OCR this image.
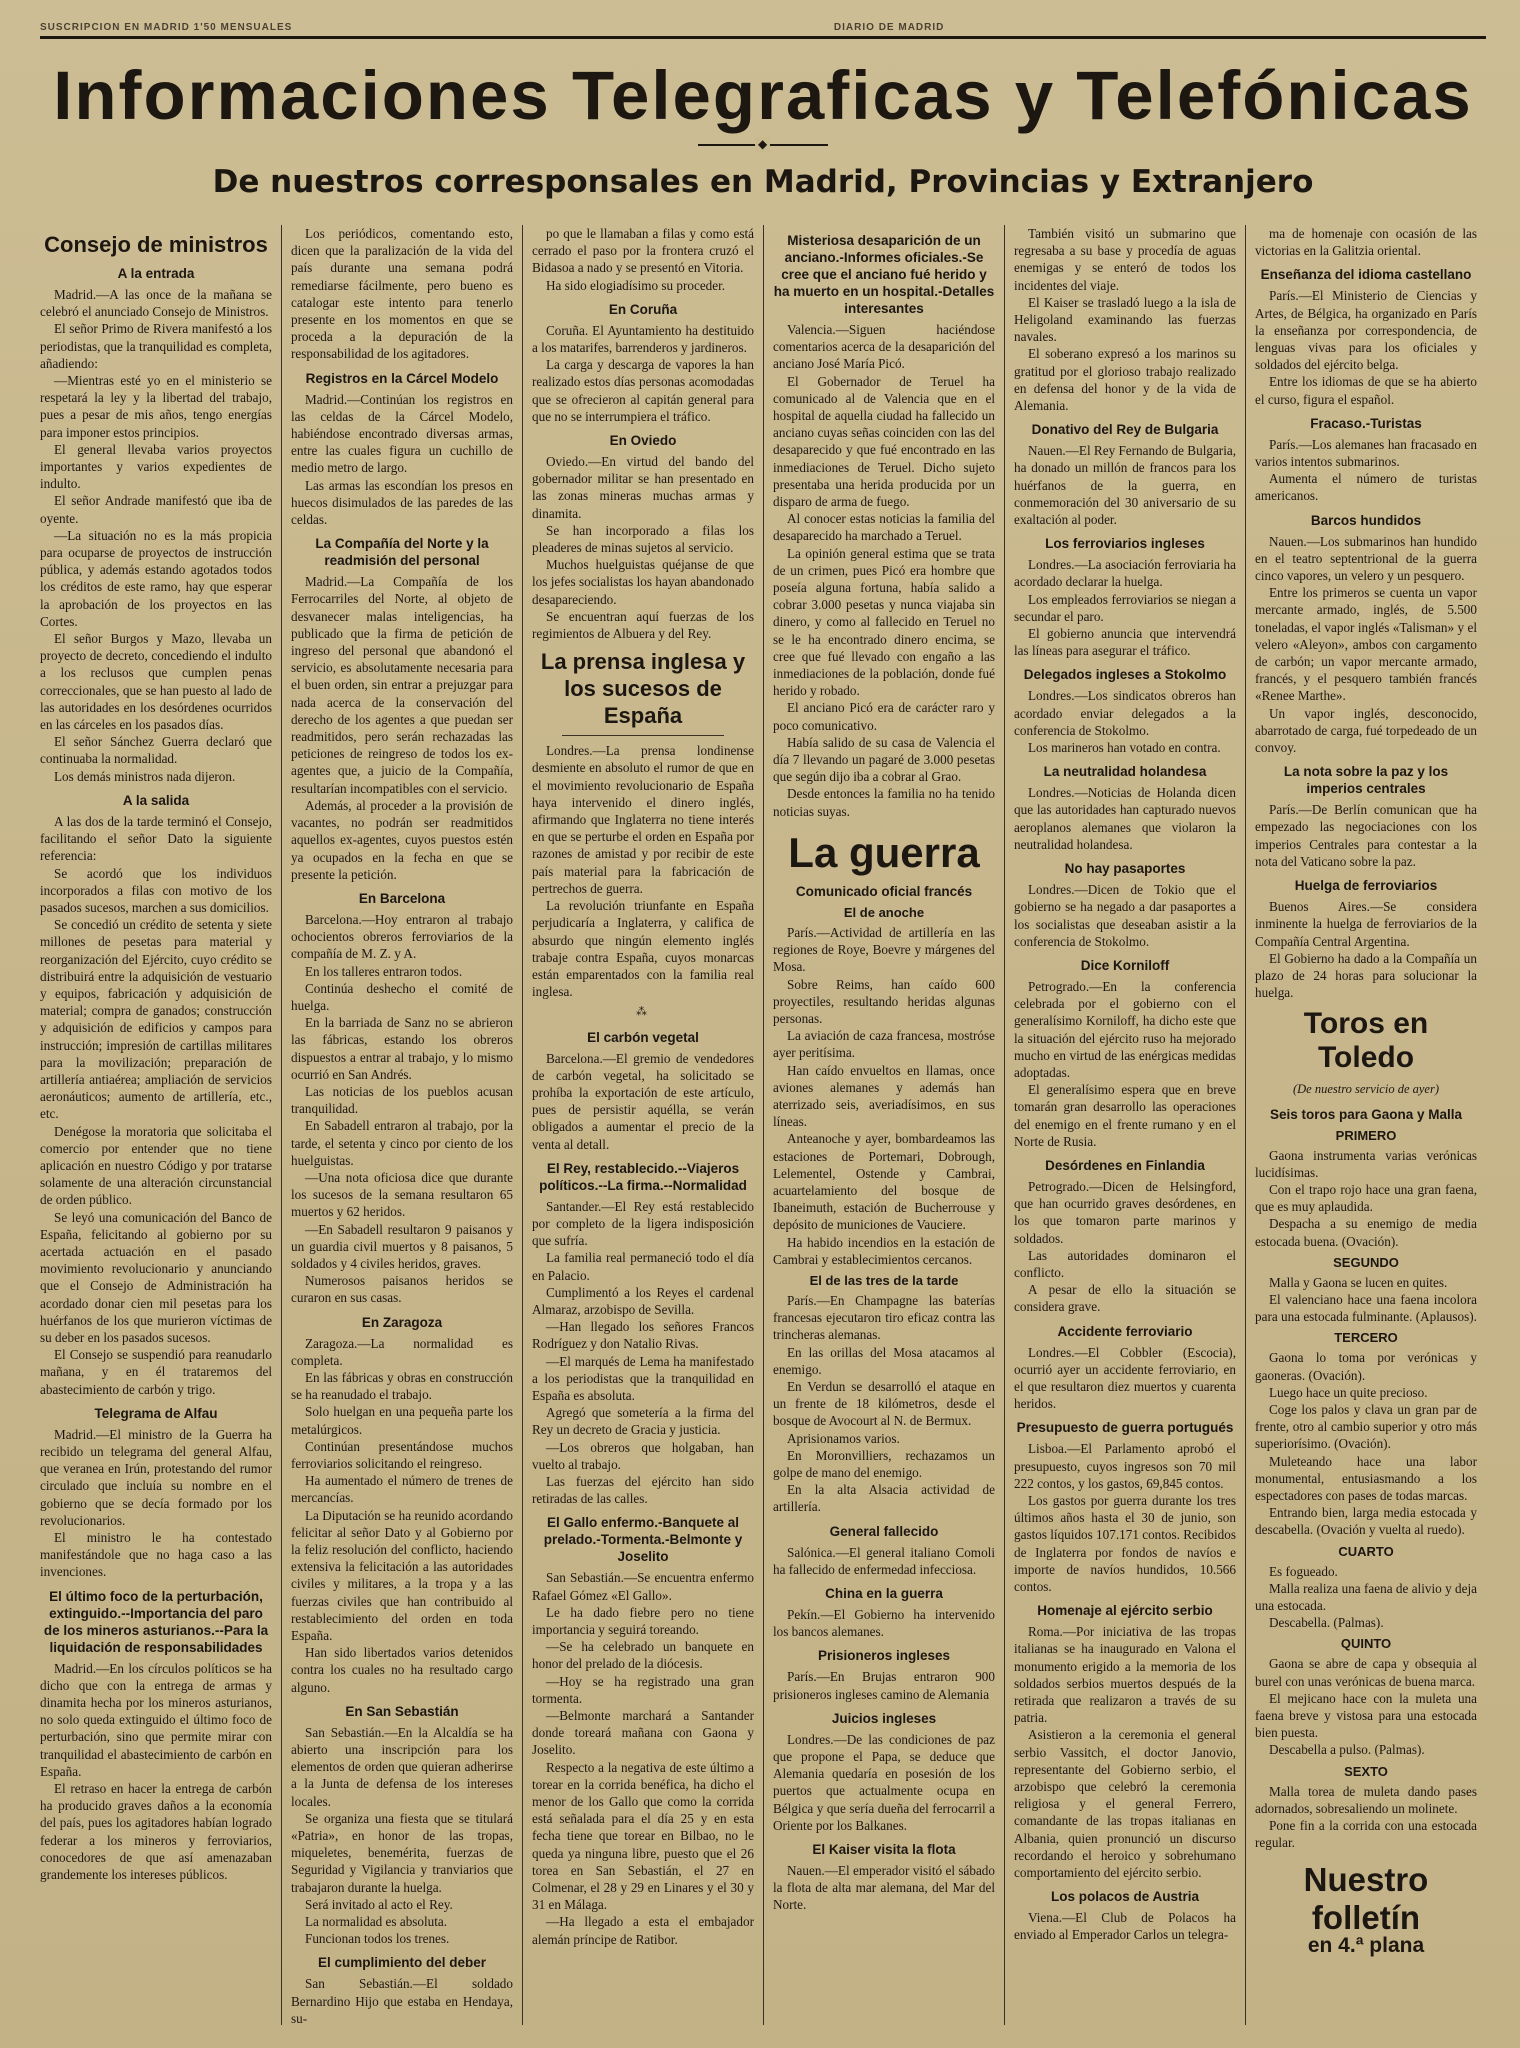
SUSCRIPCION EN MADRID 1'50 MENSUALES	DIARIO DE MADRID
Informaciones Telegraficas y Telefónicas
◆
De nuestros corresponsales en Madrid, Provincias y Extranjero
Consejo de ministros
A la entrada

Madrid.—A las once de la mañana se celebró el anunciado Consejo de Ministros.

El señor Primo de Rivera manifestó a los periodistas, que la tranquilidad es completa, añadiendo:

—Mientras esté yo en el ministerio se respetará la ley y la libertad del trabajo, pues a pesar de mis años, tengo energías para imponer estos principios.

El general llevaba varios proyectos importantes y varios expedientes de indulto.

El señor Andrade manifestó que iba de oyente.

—La situación no es la más propicia para ocuparse de proyectos de instrucción pública, y además estando agotados todos los créditos de este ramo, hay que esperar la aprobación de los proyectos en las Cortes.

El señor Burgos y Mazo, llevaba un proyecto de decreto, concediendo el indulto a los reclusos que cumplen penas correccionales, que se han puesto al lado de las autoridades en los desórdenes ocurridos en las cárceles en los pasados días.

El señor Sánchez Guerra declaró que continuaba la normalidad.

Los demás ministros nada dijeron.

A la salida

A las dos de la tarde terminó el Consejo, facilitando el señor Dato la siguiente referencia:

Se acordó que los individuos incorporados a filas con motivo de los pasados sucesos, marchen a sus domicilios.

Se concedió un crédito de setenta y siete millones de pesetas para material y reorganización del Ejército, cuyo crédito se distribuirá entre la adquisición de vestuario y equipos, fabricación y adquisición de material; compra de ganados; construcción y adquisición de edificios y campos para instrucción; impresión de cartillas militares para la movilización; preparación de artillería antiaérea; ampliación de servicios aeronáuticos; aumento de artillería, etc., etc.

Denégose la moratoria que solicitaba el comercio por entender que no tiene aplicación en nuestro Código y por tratarse solamente de una alteración circunstancial de orden público.

Se leyó una comunicación del Banco de España, felicitando al gobierno por su acertada actuación en el pasado movimiento revolucionario y anunciando que el Consejo de Administración ha acordado donar cien mil pesetas para los huérfanos de los que murieron víctimas de su deber en los pasados sucesos.

El Consejo se suspendió para reanudarlo mañana, y en él trataremos del abastecimiento de carbón y trigo.

Telegrama de Alfau

Madrid.—El ministro de la Guerra ha recibido un telegrama del general Alfau, que veranea en Irún, protestando del rumor circulado que incluía su nombre en el gobierno que se decía formado por los revolucionarios.

El ministro le ha contestado manifestándole que no haga caso a las invenciones.

El último foco de la perturbación, extinguido.--Importancia del paro de los mineros asturianos.--Para la liquidación de responsabilidades

Madrid.—En los círculos políticos se ha dicho que con la entrega de armas y dinamita hecha por los mineros asturianos, no solo queda extinguido el último foco de perturbación, sino que permite mirar con tranquilidad el abastecimiento de carbón en España.

El retraso en hacer la entrega de carbón ha producido graves daños a la economía del país, pues los agitadores habían logrado federar a los mineros y ferroviarios, conocedores de que así amenazaban grandemente los intereses públicos.

Los periódicos, comentando esto, dicen que la paralización de la vida del país durante una semana podrá remediarse fácilmente, pero bueno es catalogar este intento para tenerlo presente en los momentos en que se proceda a la depuración de la responsabilidad de los agitadores.

Registros en la Cárcel Modelo

Madrid.—Continúan los registros en las celdas de la Cárcel Modelo, habiéndose encontrado diversas armas, entre las cuales figura un cuchillo de medio metro de largo.

Las armas las escondían los presos en huecos disimulados de las paredes de las celdas.

La Compañía del Norte y la readmisión del personal

Madrid.—La Compañía de los Ferrocarriles del Norte, al objeto de desvanecer malas inteligencias, ha publicado que la firma de petición de ingreso del personal que abandonó el servicio, es absolutamente necesaria para el buen orden, sin entrar a prejuzgar para nada acerca de la conservación del derecho de los agentes a que puedan ser readmitidos, pero serán rechazadas las peticiones de reingreso de todos los ex-agentes que, a juicio de la Compañía, resultarían incompatibles con el servicio.

Además, al proceder a la provisión de vacantes, no podrán ser readmitidos aquellos ex-agentes, cuyos puestos estén ya ocupados en la fecha en que se presente la petición.

En Barcelona

Barcelona.—Hoy entraron al trabajo ochocientos obreros ferroviarios de la compañía de M. Z. y A.

En los talleres entraron todos.

Continúa deshecho el comité de huelga.

En la barriada de Sanz no se abrieron las fábricas, estando los obreros dispuestos a entrar al trabajo, y lo mismo ocurrió en San Andrés.

Las noticias de los pueblos acusan tranquilidad.

En Sabadell entraron al trabajo, por la tarde, el setenta y cinco por ciento de los huelguistas.

—Una nota oficiosa dice que durante los sucesos de la semana resultaron 65 muertos y 62 heridos.

—En Sabadell resultaron 9 paisanos y un guardia civil muertos y 8 paisanos, 5 soldados y 4 civiles heridos, graves.

Numerosos paisanos heridos se curaron en sus casas.

En Zaragoza

Zaragoza.—La normalidad es completa.

En las fábricas y obras en construcción se ha reanudado el trabajo.

Solo huelgan en una pequeña parte los metalúrgicos.

Continúan presentándose muchos ferroviarios solicitando el reingreso.

Ha aumentado el número de trenes de mercancías.

La Diputación se ha reunido acordando felicitar al señor Dato y al Gobierno por la feliz resolución del conflicto, haciendo extensiva la felicitación a las autoridades civiles y militares, a la tropa y a las fuerzas civiles que han contribuido al restablecimiento del orden en toda España.

Han sido libertados varios detenidos contra los cuales no ha resultado cargo alguno.

En San Sebastián

San Sebastián.—En la Alcaldía se ha abierto una inscripción para los elementos de orden que quieran adherirse a la Junta de defensa de los intereses locales.

Se organiza una fiesta que se titulará «Patria», en honor de las tropas, miqueletes, benemérita, fuerzas de Seguridad y Vigilancia y tranviarios que trabajaron durante la huelga.

Será invitado al acto el Rey.

La normalidad es absoluta.

Funcionan todos los trenes.

El cumplimiento del deber

San Sebastián.—El soldado Bernardino Hijo que estaba en Hendaya, su-

po que le llamaban a filas y como está cerrado el paso por la frontera cruzó el Bidasoa a nado y se presentó en Vitoria.

Ha sido elogiadísimo su proceder.

En Coruña

Coruña. El Ayuntamiento ha destituido a los matarifes, barrenderos y jardineros.

La carga y descarga de vapores la han realizado estos días personas acomodadas que se ofrecieron al capitán general para que no se interrumpiera el tráfico.

En Oviedo

Oviedo.—En virtud del bando del gobernador militar se han presentado en las zonas mineras muchas armas y dinamita.

Se han incorporado a filas los pleaderes de minas sujetos al servicio.

Muchos huelguistas quéjanse de que los jefes socialistas los hayan abandonado desapareciendo.

Se encuentran aquí fuerzas de los regimientos de Albuera y del Rey.

La prensa inglesa y los sucesos de España

Londres.—La prensa londinense desmiente en absoluto el rumor de que en el movimiento revolucionario de España haya intervenido el dinero inglés, afirmando que Inglaterra no tiene interés en que se perturbe el orden en España por razones de amistad y por recibir de este país material para la fabricación de pertrechos de guerra.

La revolución triunfante en España perjudicaría a Inglaterra, y califica de absurdo que ningún elemento inglés trabaje contra España, cuyos monarcas están emparentados con la familia real inglesa.

⁂
El carbón vegetal

Barcelona.—El gremio de vendedores de carbón vegetal, ha solicitado se prohíba la exportación de este artículo, pues de persistir aquélla, se verán obligados a aumentar el precio de la venta al detall.

El Rey, restablecido.--Viajeros políticos.--La firma.--Normalidad

Santander.—El Rey está restablecido por completo de la ligera indisposición que sufría.

La familia real permaneció todo el día en Palacio.

Cumplimentó a los Reyes el cardenal Almaraz, arzobispo de Sevilla.

—Han llegado los señores Francos Rodríguez y don Natalio Rivas.

—El marqués de Lema ha manifestado a los periodistas que la tranquilidad en España es absoluta.

Agregó que sometería a la firma del Rey un decreto de Gracia y justicia.

—Los obreros que holgaban, han vuelto al trabajo.

Las fuerzas del ejército han sido retiradas de las calles.

El Gallo enfermo.-Banquete al prelado.-Tormenta.-Belmonte y Joselito

San Sebastián.—Se encuentra enfermo Rafael Gómez «El Gallo».

Le ha dado fiebre pero no tiene importancia y seguirá toreando.

—Se ha celebrado un banquete en honor del prelado de la diócesis.

—Hoy se ha registrado una gran tormenta.

—Belmonte marchará a Santander donde toreará mañana con Gaona y Joselito.

Respecto a la negativa de este último a torear en la corrida benéfica, ha dicho el menor de los Gallo que como la corrida está señalada para el día 25 y en esta fecha tiene que torear en Bilbao, no le queda ya ninguna libre, puesto que el 26 torea en San Sebastián, el 27 en Colmenar, el 28 y 29 en Linares y el 30 y 31 en Málaga.

—Ha llegado a esta el embajador alemán príncipe de Ratibor.

Misteriosa desaparición de un anciano.-Informes oficiales.-Se cree que el anciano fué herido y ha muerto en un hospital.-Detalles interesantes

Valencia.—Siguen haciéndose comentarios acerca de la desaparición del anciano José María Picó.

El Gobernador de Teruel ha comunicado al de Valencia que en el hospital de aquella ciudad ha fallecido un anciano cuyas señas coinciden con las del desaparecido y que fué encontrado en las inmediaciones de Teruel. Dicho sujeto presentaba una herida producida por un disparo de arma de fuego.

Al conocer estas noticias la familia del desaparecido ha marchado a Teruel.

La opinión general estima que se trata de un crimen, pues Picó era hombre que poseía alguna fortuna, había salido a cobrar 3.000 pesetas y nunca viajaba sin dinero, y como al fallecido en Teruel no se le ha encontrado dinero encima, se cree que fué llevado con engaño a las inmediaciones de la población, donde fué herido y robado.

El anciano Picó era de carácter raro y poco comunicativo.

Había salido de su casa de Valencia el día 7 llevando un pagaré de 3.000 pesetas que según dijo iba a cobrar al Grao.

Desde entonces la familia no ha tenido noticias suyas.

La guerra
Comunicado oficial francés
El de anoche

París.—Actividad de artillería en las regiones de Roye, Boevre y márgenes del Mosa.

Sobre Reims, han caído 600 proyectiles, resultando heridas algunas personas.

La aviación de caza francesa, mostróse ayer peritísima.

Han caído envueltos en llamas, once aviones alemanes y además han aterrizado seis, averiadísimos, en sus líneas.

Anteanoche y ayer, bombardeamos las estaciones de Portemari, Dobrough, Lelementel, Ostende y Cambrai, acuartelamiento del bosque de Ibaneimuth, estación de Bucherrouse y depósito de municiones de Vauciere.

Ha habido incendios en la estación de Cambrai y establecimientos cercanos.

El de las tres de la tarde

París.—En Champagne las baterías francesas ejecutaron tiro eficaz contra las trincheras alemanas.

En las orillas del Mosa atacamos al enemigo.

En Verdun se desarrolló el ataque en un frente de 18 kilómetros, desde el bosque de Avocourt al N. de Bermux.

Aprisionamos varios.

En Moronvilliers, rechazamos un golpe de mano del enemigo.

En la alta Alsacia actividad de artillería.

General fallecido

Salónica.—El general italiano Comoli ha fallecido de enfermedad infecciosa.

China en la guerra

Pekín.—El Gobierno ha intervenido los bancos alemanes.

Prisioneros ingleses

París.—En Brujas entraron 900 prisioneros ingleses camino de Alemania

Juicios ingleses

Londres.—De las condiciones de paz que propone el Papa, se deduce que Alemania quedaría en posesión de los puertos que actualmente ocupa en Bélgica y que sería dueña del ferrocarril a Oriente por los Balkanes.

El Kaiser visita la flota

Nauen.—El emperador visitó el sábado la flota de alta mar alemana, del Mar del Norte.

También visitó un submarino que regresaba a su base y procedía de aguas enemigas y se enteró de todos los incidentes del viaje.

El Kaiser se trasladó luego a la isla de Heligoland examinando las fuerzas navales.

El soberano expresó a los marinos su gratitud por el glorioso trabajo realizado en defensa del honor y de la vida de Alemania.

Donativo del Rey de Bulgaria

Nauen.—El Rey Fernando de Bulgaria, ha donado un millón de francos para los huérfanos de la guerra, en conmemoración del 30 aniversario de su exaltación al poder.

Los ferroviarios ingleses

Londres.—La asociación ferroviaria ha acordado declarar la huelga.

Los empleados ferroviarios se niegan a secundar el paro.

El gobierno anuncia que intervendrá las líneas para asegurar el tráfico.

Delegados ingleses a Stokolmo

Londres.—Los sindicatos obreros han acordado enviar delegados a la conferencia de Stokolmo.

Los marineros han votado en contra.

La neutralidad holandesa

Londres.—Noticias de Holanda dicen que las autoridades han capturado nuevos aeroplanos alemanes que violaron la neutralidad holandesa.

No hay pasaportes

Londres.—Dicen de Tokio que el gobierno se ha negado a dar pasaportes a los socialistas que deseaban asistir a la conferencia de Stokolmo.

Dice Korniloff

Petrogrado.—En la conferencia celebrada por el gobierno con el generalísimo Korniloff, ha dicho este que la situación del ejército ruso ha mejorado mucho en virtud de las enérgicas medidas adoptadas.

El generalísimo espera que en breve tomarán gran desarrollo las operaciones del enemigo en el frente rumano y en el Norte de Rusia.

Desórdenes en Finlandia

Petrogrado.—Dicen de Helsingford, que han ocurrido graves desórdenes, en los que tomaron parte marinos y soldados.

Las autoridades dominaron el conflicto.

A pesar de ello la situación se considera grave.

Accidente ferroviario

Londres.—El Cobbler (Escocia), ocurrió ayer un accidente ferroviario, en el que resultaron diez muertos y cuarenta heridos.

Presupuesto de guerra portugués

Lisboa.—El Parlamento aprobó el presupuesto, cuyos ingresos son 70 mil 222 contos, y los gastos, 69,845 contos.

Los gastos por guerra durante los tres últimos años hasta el 30 de junio, son gastos líquidos 107.171 contos. Recibidos de Inglaterra por fondos de navíos e importe de navíos hundidos, 10.566 contos.

Homenaje al ejército serbio

Roma.—Por iniciativa de las tropas italianas se ha inaugurado en Valona el monumento erigido a la memoria de los soldados serbios muertos después de la retirada que realizaron a través de su patria.

Asistieron a la ceremonia el general serbio Vassitch, el doctor Janovio, representante del Gobierno serbio, el arzobispo que celebró la ceremonia religiosa y el general Ferrero, comandante de las tropas italianas en Albania, quien pronunció un discurso recordando el heroico y sobrehumano comportamiento del ejército serbio.

Los polacos de Austria

Viena.—El Club de Polacos ha enviado al Emperador Carlos un telegra-

ma de homenaje con ocasión de las victorias en la Galitzia oriental.

Enseñanza del idioma castellano

París.—El Ministerio de Ciencias y Artes, de Bélgica, ha organizado en París la enseñanza por correspondencia, de lenguas vivas para los oficiales y soldados del ejército belga.

Entre los idiomas de que se ha abierto el curso, figura el español.

Fracaso.-Turistas

París.—Los alemanes han fracasado en varios intentos submarinos.

Aumenta el número de turistas americanos.

Barcos hundidos

Nauen.—Los submarinos han hundido en el teatro septentrional de la guerra cinco vapores, un velero y un pesquero.

Entre los primeros se cuenta un vapor mercante armado, inglés, de 5.500 toneladas, el vapor inglés «Talisman» y el velero «Aleyon», ambos con cargamento de carbón; un vapor mercante armado, francés, y el pesquero también francés «Renee Marthe».

Un vapor inglés, desconocido, abarrotado de carga, fué torpedeado de un convoy.

La nota sobre la paz y los imperios centrales

París.—De Berlín comunican que ha empezado las negociaciones con los imperios Centrales para contestar a la nota del Vaticano sobre la paz.

Huelga de ferroviarios

Buenos Aires.—Se considera inminente la huelga de ferroviarios de la Compañía Central Argentina.

El Gobierno ha dado a la Compañía un plazo de 24 horas para solucionar la huelga.

Toros en Toledo
(De nuestro servicio de ayer)
Seis toros para Gaona y Malla
PRIMERO

Gaona instrumenta varias verónicas lucidísimas.

Con el trapo rojo hace una gran faena, que es muy aplaudida.

Despacha a su enemigo de media estocada buena. (Ovación).

SEGUNDO

Malla y Gaona se lucen en quites.

El valenciano hace una faena incolora para una estocada fulminante. (Aplausos).

TERCERO

Gaona lo toma por verónicas y gaoneras. (Ovación).

Luego hace un quite precioso.

Coge los palos y clava un gran par de frente, otro al cambio superior y otro más superiorísimo. (Ovación).

Muleteando hace una labor monumental, entusiasmando a los espectadores con pases de todas marcas.

Entrando bien, larga media estocada y descabella. (Ovación y vuelta al ruedo).

CUARTO

Es fogueado.

Malla realiza una faena de alivio y deja una estocada.

Descabella. (Palmas).

QUINTO

Gaona se abre de capa y obsequia al burel con unas verónicas de buena marca.

El mejicano hace con la muleta una faena breve y vistosa para una estocada bien puesta.

Descabella a pulso. (Palmas).

SEXTO

Malla torea de muleta dando pases adornados, sobresaliendo un molinete.

Pone fin a la corrida con una estocada regular.

Nuestro folletín
en 4.ª plana
